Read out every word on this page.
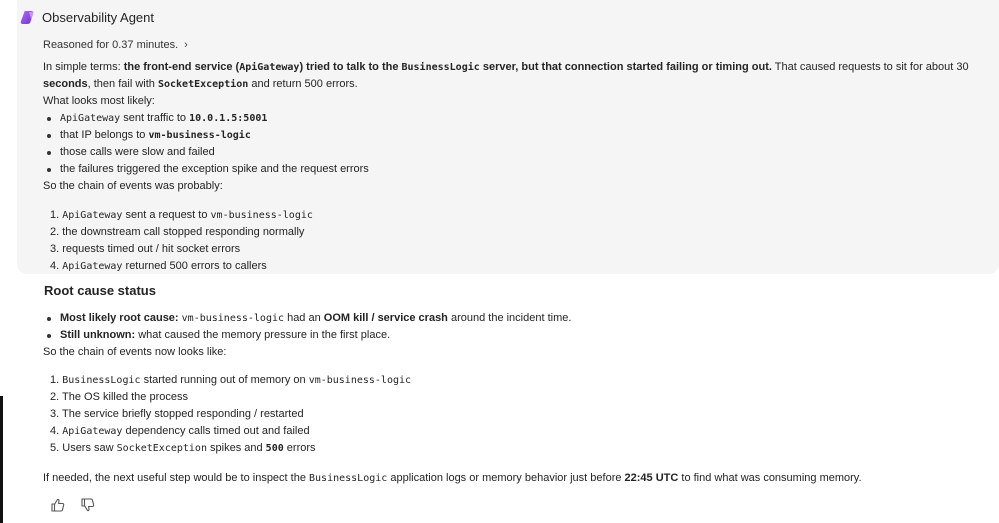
Observability Agent
Reasoned for 0.37 minutes. ›
In simple terms: the front-end service (ApiGateway) tried to talk to the BusinessLogic server, but that connection started failing or timing out. That caused requests to sit for about 30 seconds, then fail with SocketException and return 500 errors.
What looks most likely:
ApiGateway sent traffic to 10.0.1.5:5001
that IP belongs to vm-business-logic
those calls were slow and failed
the failures triggered the exception spike and the request errors
So the chain of events was probably:
1. ApiGateway sent a request to vm-business-logic
2. the downstream call stopped responding normally
3. requests timed out / hit socket errors
4. ApiGateway returned 500 errors to callers
Root cause status
Most likely root cause: vm-business-logic had an OOM kill / service crash around the incident time.
Still unknown: what caused the memory pressure in the first place.
So the chain of events now looks like:
1. BusinessLogic started running out of memory on vm-business-logic
2. The OS killed the process
3. The service briefly stopped responding / restarted
4. ApiGateway dependency calls timed out and failed
5. Users saw SocketException spikes and 500 errors
If needed, the next useful step would be to inspect the BusinessLogic application logs or memory behavior just before 22:45 UTC to find what was consuming memory.
